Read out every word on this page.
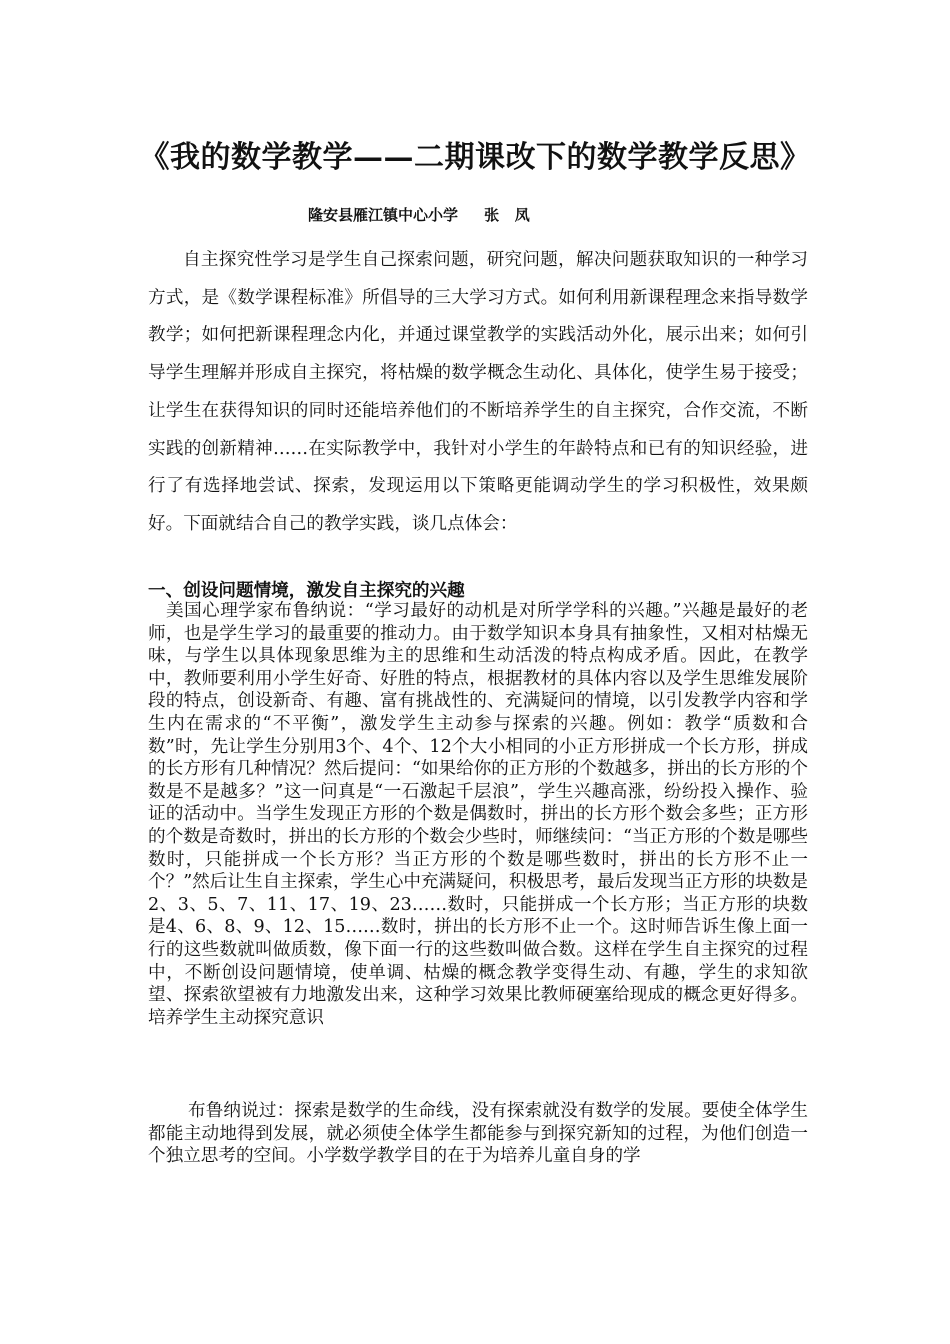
《我的数学教学——二期课改下的数学教学反思》
隆安县雁江镇中心小学     张   凤

自主探究性学习是学生自己探索问题，研究问题，解决问题获取知识的一种学习方式，是《数学课程标准》所倡导的三大学习方式。如何利用新课程理念来指导数学教学；如何把新课程理念内化，并通过课堂教学的实践活动外化，展示出来；如何引导学生理解并形成自主探究，将枯燥的数学概念生动化、具体化，使学生易于接受；让学生在获得知识的同时还能培养他们的不断培养学生的自主探究，合作交流，不断实践的创新精神……在实际教学中，我针对小学生的年龄特点和已有的知识经验，进行了有选择地尝试、探索，发现运用以下策略更能调动学生的学习积极性，效果颇好。下面就结合自己的教学实践，谈几点体会：

一、创设问题情境，激发自主探究的兴趣

美国心理学家布鲁纳说：“学习最好的动机是对所学学科的兴趣。”兴趣是最好的老师，也是学生学习的最重要的推动力。由于数学知识本身具有抽象性，又相对枯燥无味，与学生以具体现象思维为主的思维和生动活泼的特点构成矛盾。因此，在教学中，教师要利用小学生好奇、好胜的特点，根据教材的具体内容以及学生思维发展阶段的特点，创设新奇、有趣、富有挑战性的、充满疑问的情境，以引发教学内容和学生内在需求的“不平衡”，激发学生主动参与探索的兴趣。例如：教学“质数和合数”时，先让学生分别用3个、4个、12个大小相同的小正方形拼成一个长方形，拼成的长方形有几种情况？然后提问：“如果给你的正方形的个数越多，拼出的长方形的个数是不是越多？”这一问真是“一石激起千层浪”，学生兴趣高涨，纷纷投入操作、验证的活动中。当学生发现正方形的个数是偶数时，拼出的长方形个数会多些；正方形的个数是奇数时，拼出的长方形的个数会少些时，师继续问：“当正方形的个数是哪些数时，只能拼成一个长方形？当正方形的个数是哪些数时，拼出的长方形不止一个？”然后让生自主探索，学生心中充满疑问，积极思考，最后发现当正方形的块数是2、3、5、7、11、17、19、23……数时，只能拼成一个长方形；当正方形的块数是4、6、8、9、12、15……数时，拼出的长方形不止一个。这时师告诉生像上面一行的这些数就叫做质数，像下面一行的这些数叫做合数。这样在学生自主探究的过程中，不断创设问题情境，使单调、枯燥的概念教学变得生动、有趣，学生的求知欲望、探索欲望被有力地激发出来，这种学习效果比教师硬塞给现成的概念更好得多。培养学生主动探究意识

布鲁纳说过：探索是数学的生命线，没有探索就没有数学的发展。要使全体学生都能主动地得到发展，就必须使全体学生都能参与到探究新知的过程，为他们创造一个独立思考的空间。小学数学教学目的在于为培养儿童自身的学
